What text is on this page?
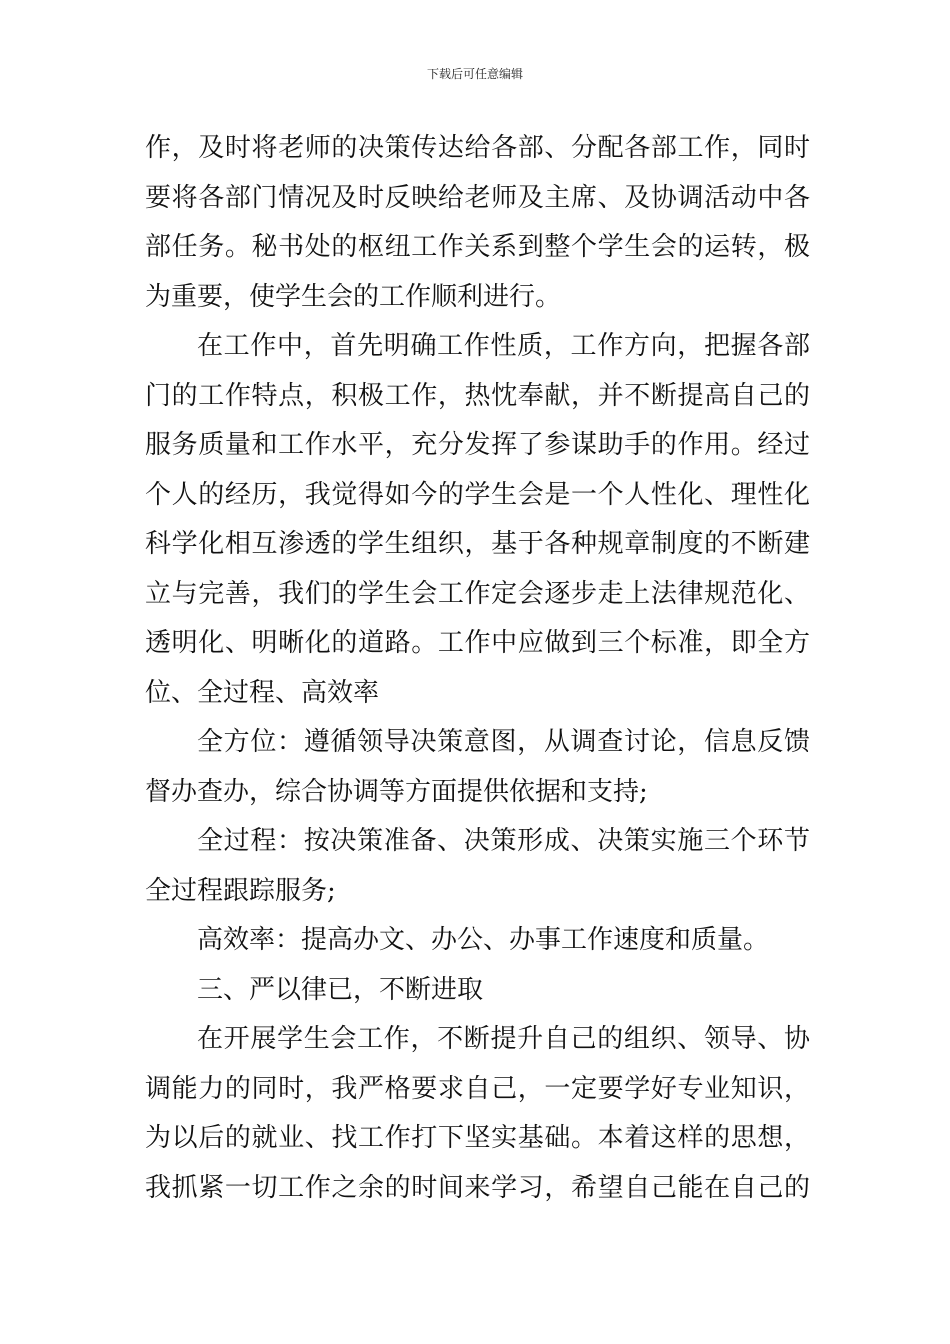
下载后可任意编辑
作，及时将老师的决策传达给各部、分配各部工作，同时
要将各部门情况及时反映给老师及主席、及协调活动中各
部任务。秘书处的枢纽工作关系到整个学生会的运转，极
为重要，使学生会的工作顺利进行。
在工作中，首先明确工作性质，工作方向，把握各部
门的工作特点，积极工作，热忱奉献，并不断提高自己的
服务质量和工作水平，充分发挥了参谋助手的作用。经过
个人的经历，我觉得如今的学生会是一个人性化、理性化
科学化相互渗透的学生组织，基于各种规章制度的不断建
立与完善，我们的学生会工作定会逐步走上法律规范化、
透明化、明晰化的道路。工作中应做到三个标准，即全方
位、全过程、高效率
全方位：遵循领导决策意图，从调查讨论，信息反馈
督办查办，综合协调等方面提供依据和支持;
全过程：按决策准备、决策形成、决策实施三个环节
全过程跟踪服务;
高效率：提高办文、办公、办事工作速度和质量。
三、严以律已，不断进取
在开展学生会工作，不断提升自己的组织、领导、协
调能力的同时，我严格要求自己，一定要学好专业知识，
为以后的就业、找工作打下坚实基础。本着这样的思想，
我抓紧一切工作之余的时间来学习，希望自己能在自己的
